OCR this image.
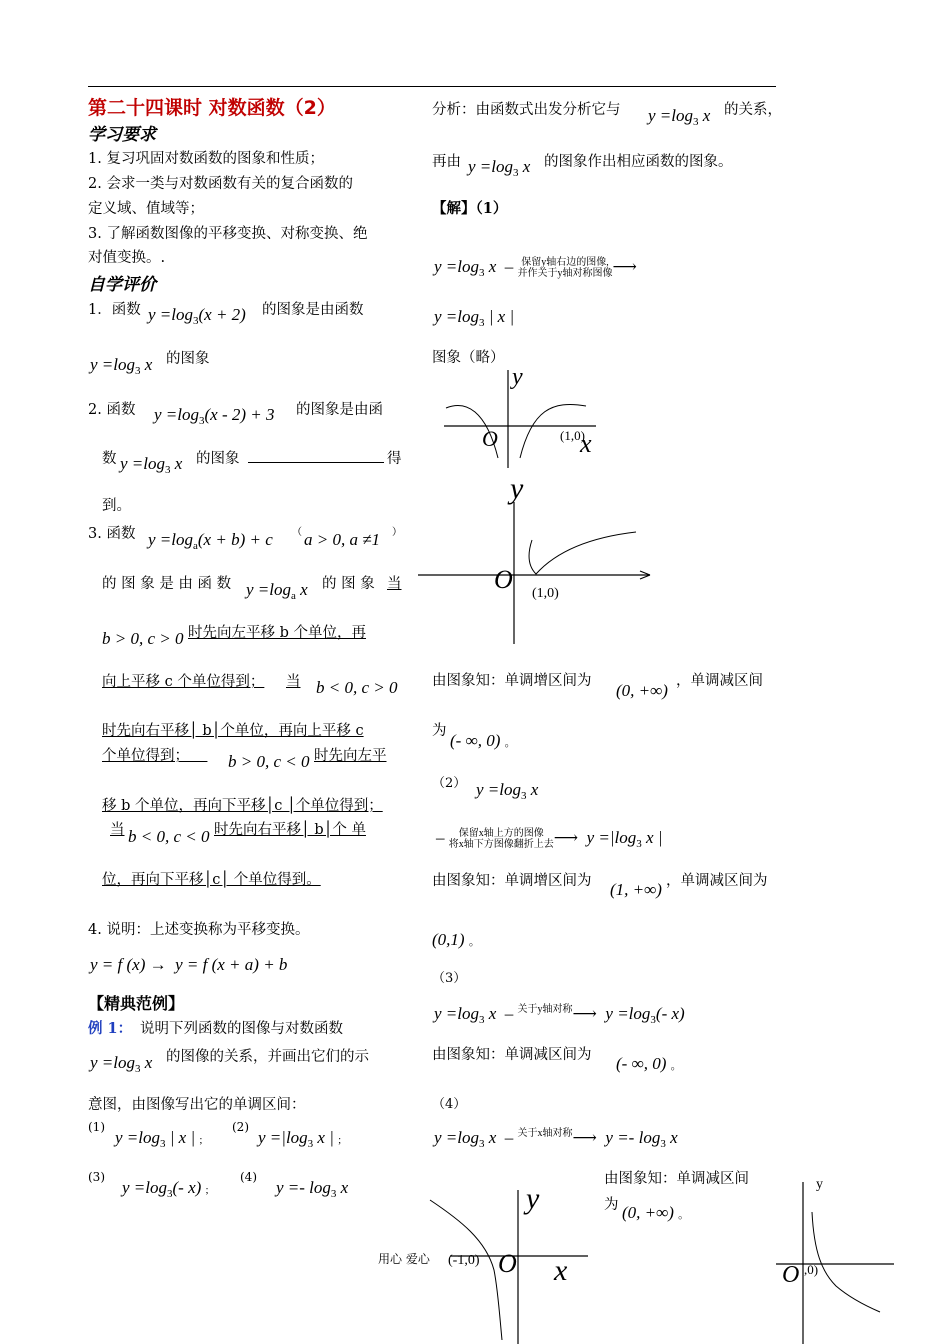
第二十四课时 对数函数（2）
学习要求
1. 复习巩固对数函数的图象和性质；
2. 会求一类与对数函数有关的复合函数的
定义域、值域等；
3. 了解函数图像的平移变换、对称变换、绝
对值变换。.
自学评价
1．函数 $y =\log_3(x + 2)$ 的图象是由函数
$y =\log_3$ x 的图象
2. 函数 $y =\log_3(x - 2) + 3$ 的图象是由函
数 $y =\log_3$ x 的图象	得
到。
3. 函数 $y =\log_a(x + b) + c$ （ a > 0, a ≠1 ）
的 图 象 是 由 函 数 $y =\log_a$ x 的 图 象 当
b > 0, c > 0 时先向左平移 b 个单位，再
向上平移 c 个单位得到； 当 b < 0, c > 0
时先向右平移│ b│个单位，再向上平移 c
个单位得到；	b > 0, c < 0 时先向左平
移 b 个单位，再向下平移│c │个单位得到；
当 b < 0, c < 0 时先向右平移│ b│个 单
位，再向下平移│c│ 个单位得到。
4. 说明：上述变换称为平移变换。
y = f (x) →  y = f (x + a) + b
【精典范例】
例 1： 说明下列函数的图像与对数函数
$y =\log_3$ x 的图像的关系，并画出它们的示
意图，由图像写出它的单调区间：
(1)
$y =\log_3$ | x | ;
(2)
$y =|\log_3$ x | ;
(3)
$y =\log_3(-$ x) ;
(4)
$y =- \log_3 x$
分析：由函数式出发分析它与 $y =\log_3$ x 的关系，
再由 $y =\log_3$ x 的图象作出相应函数的图象。
【解】（1）
$y =\log_3$ x  – 保留y轴右边的图像,
并作关于y轴对称图像 ⟶
$y =\log_3$ | x |
图象（略）
y
O	(1,0)
x
y
O (1,0)
由图象知：单调增区间为 (0, +∞) ，单调减区间
为 (- ∞, 0) 。
（2） $y =\log_3$ x
–	保留x轴上方的图像
将x轴下方图像翻折上去 ⟶  $y =|\log_3$ x |
由图象知：单调增区间为 (1, +∞) ，单调减区间为
(0,1) 。
（3）
$y =\log_3$ x  – 关于y轴对称
⟶  $y =\log_3(-$ x)
由图象知：单调减区间为 (- ∞, 0) 。
（4）
$y =\log_3$ x  – 关于x轴对称
⟶  $y =- \log_3 x$
由图象知：单调减区间
为 (0, +∞) 。
y
O
(-1,0) x
y
O ,0)
用心 爱心
